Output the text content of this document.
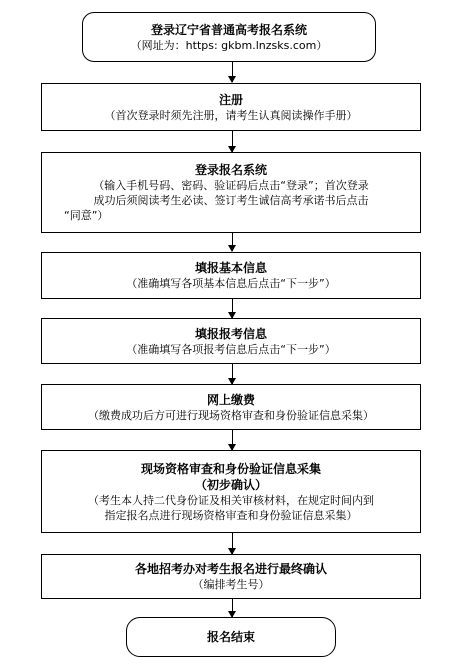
登录辽宁省普通高考报名系统
（网址为：https: gkbm.lnzsks.com）
注册
（首次登录时须先注册，请考生认真阅读操作手册）
登录报名系统
（输入手机号码、密码、验证码后点击“登录”；首次登录
成功后须阅读考生必读、签订考生诚信高考承诺书后点击
“同意”）
填报基本信息
（准确填写各项基本信息后点击“下一步”）
填报报考信息
（准确填写各项报考信息后点击“下一步”）
网上缴费
（缴费成功后方可进行现场资格审查和身份验证信息采集）
现场资格审查和身份验证信息采集
（初步确认）
（考生本人持二代身份证及相关审核材料，在规定时间内到
指定报名点进行现场资格审查和身份验证信息采集）
各地招考办对考生报名进行最终确认
（编排考生号）
报名结束
